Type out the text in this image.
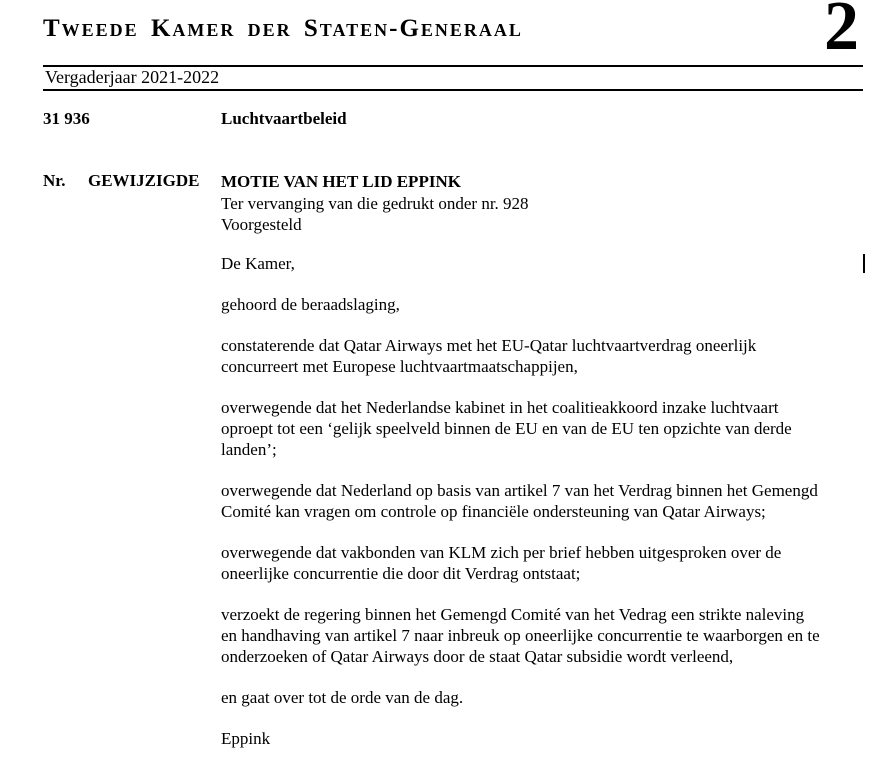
Tweede Kamer der Staten-Generaal	2
Vergaderjaar 2021-2022
31 936	Luchtvaartbeleid
Nr. GEWIJZIGDE MOTIE VAN HET LID EPPINK
Ter vervanging van die gedrukt onder nr. 928
Voorgesteld
De Kamer,
gehoord de beraadslaging,
constaterende dat Qatar Airways met het EU-Qatar luchtvaartverdrag oneerlijk
concurreert met Europese luchtvaartmaatschappijen,
overwegende dat het Nederlandse kabinet in het coalitieakkoord inzake luchtvaart
oproept tot een ‘gelijk speelveld binnen de EU en van de EU ten opzichte van derde
landen’;
overwegende dat Nederland op basis van artikel 7 van het Verdrag binnen het Gemengd
Comité kan vragen om controle op financiële ondersteuning van Qatar Airways;
overwegende dat vakbonden van KLM zich per brief hebben uitgesproken over de
oneerlijke concurrentie die door dit Verdrag ontstaat;
verzoekt de regering binnen het Gemengd Comité van het Vedrag een strikte naleving
en handhaving van artikel 7 naar inbreuk op oneerlijke concurrentie te waarborgen en te
onderzoeken of Qatar Airways door de staat Qatar subsidie wordt verleend,
en gaat over tot de orde van de dag.
Eppink
